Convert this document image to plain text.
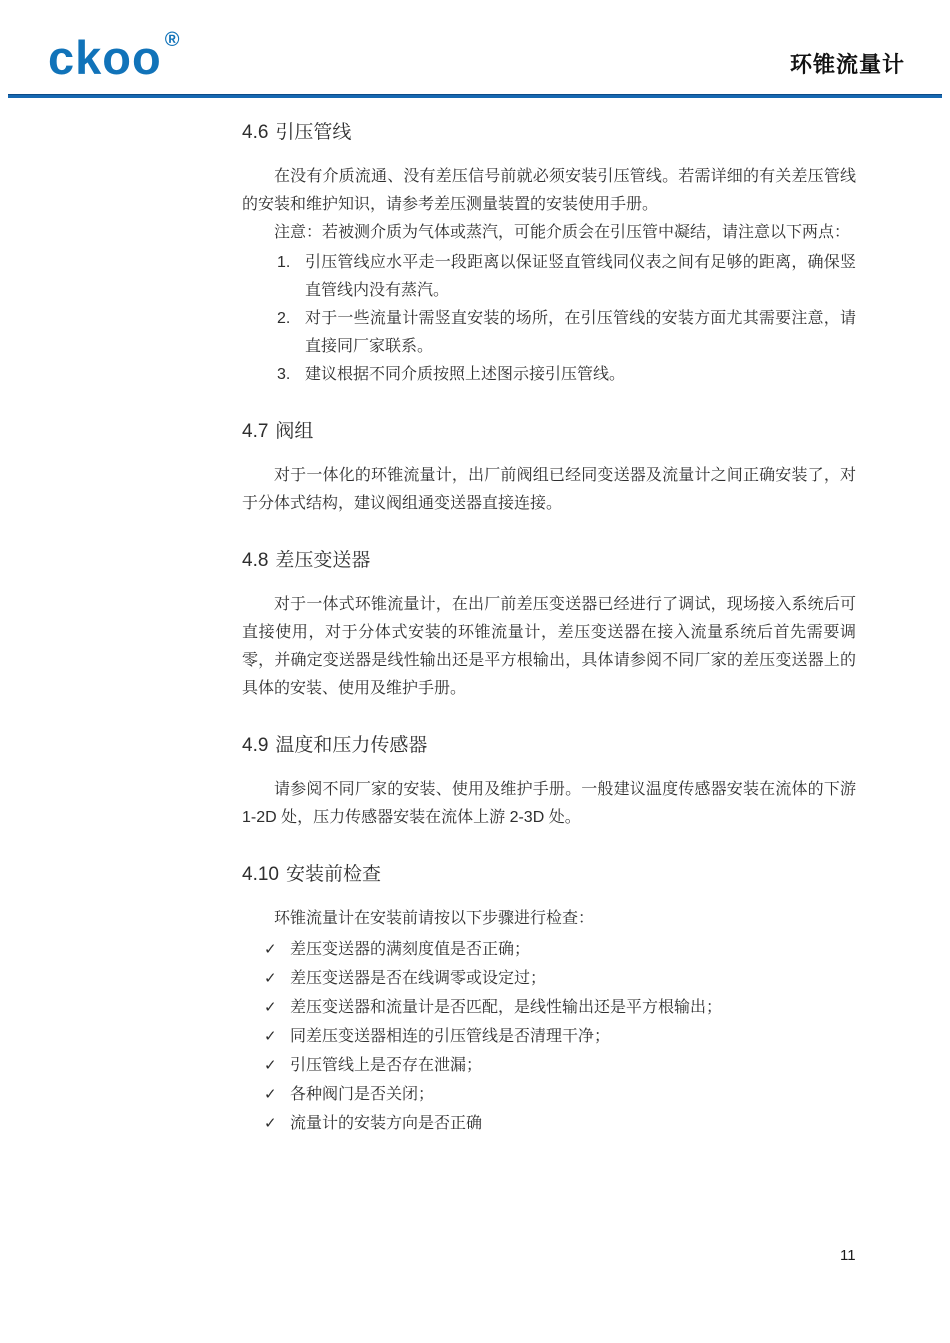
ckoo ®
环锥流量计
4.6 引压管线

在没有介质流通、没有差压信号前就必须安装引压管线。若需详细的有关差压管线的安装和维护知识，请参考差压测量装置的安装使用手册。

注意：若被测介质为气体或蒸汽，可能介质会在引压管中凝结，请注意以下两点：

1. 引压管线应水平走一段距离以保证竖直管线同仪表之间有足够的距离，确保竖直管线内没有蒸汽。
2. 对于一些流量计需竖直安装的场所，在引压管线的安装方面尤其需要注意，请直接同厂家联系。
3. 建议根据不同介质按照上述图示接引压管线。
4.7 阀组

对于一体化的环锥流量计，出厂前阀组已经同变送器及流量计之间正确安装了，对于分体式结构，建议阀组通变送器直接连接。

4.8 差压变送器

对于一体式环锥流量计，在出厂前差压变送器已经进行了调试，现场接入系统后可直接使用，对于分体式安装的环锥流量计，差压变送器在接入流量系统后首先需要调零，并确定变送器是线性输出还是平方根输出，具体请参阅不同厂家的差压变送器上的具体的安装、使用及维护手册。

4.9 温度和压力传感器

请参阅不同厂家的安装、使用及维护手册。一般建议温度传感器安装在流体的下游 1-2D 处，压力传感器安装在流体上游 2-3D 处。

4.10 安装前检查

环锥流量计在安装前请按以下步骤进行检查：

✓ 差压变送器的满刻度值是否正确；
✓ 差压变送器是否在线调零或设定过；
✓ 差压变送器和流量计是否匹配，是线性输出还是平方根输出；
✓ 同差压变送器相连的引压管线是否清理干净；
✓ 引压管线上是否存在泄漏；
✓ 各种阀门是否关闭；
✓ 流量计的安装方向是否正确
11
